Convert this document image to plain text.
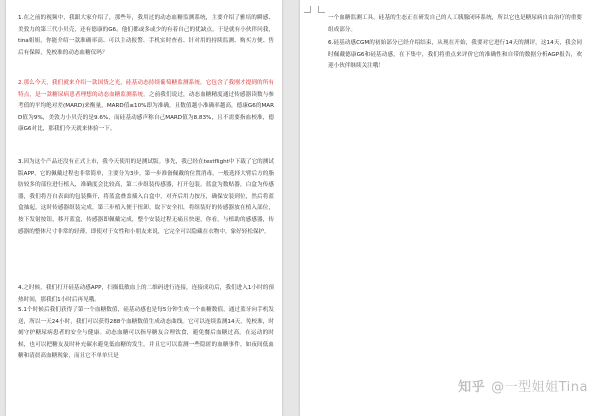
1.在之前的视频中，我跟大家介绍了，那些年，我用过的动态血糖监测系统，主要介绍了雅培的瞬感、美敦力的第三代小贝壳，还有德康的G6，他们都或多或少的有着自己的优缺点。于是就有小伙伴问我，tina姐姐，你能介绍一款准确率高、可以主动报警、手机实时查看、针对用的持续监测、购买方便、售后有保障，免校准的动态血糖仪吗？
2.那么今天，我们就来介绍一款国货之光，硅基动态持续葡萄糖监测系统，它包含了我刚才提到的所有特点，是一款糖尿病患者理想的动态血糖监测系统。之前我们说过，动态血糖精度通过传感器读数与参考值的平均绝对差(MARD)来衡量，MARD值≤10%即为准确，且数值越小准确率越高，德康G6的MARD值为9%，美敦力小贝壳的是9.6%，而硅基动感声称自己MARD值为8.83%，且不需要指血校准，德康G6对比，那我们今天就来体验一下。
3.因为这个产品还没有正式上市，我今天使用的是测试版。事先，我已经在testflight中下载了它的测试版APP，它的佩戴过程也非常简单，主要分为3步，第一步准备佩戴的位置消毒，一般选择大臂后方的脂肪较多的部位进行植入，准确度会比较高，第二步组装传感器，打开包装，蓝盒为数贴器，白盒为传感器，我们将吾自表面的包装撕开，将蓝盒叠盖插入白盒中，对齐后用力按压，确保安装到位，然后将蓝盒抽起，这时传感器组装完成，第三步植入便于扭卸。取下安全扣，将组装好的传感器放在植入部位，按下发射按钮，移开蓝盒，传感器即佩戴完成，整个安装过程无痛且快速，你看，与植助的感感器，传感器的整体尺寸非常的轻薄，即使对于女性和小朋友来说，它完全可以隐藏在衣物中，象好轻松保护。
4.之时候，我们打开硅基动感APP，扫描低敏血上的二维码进行连接，连接成功后，我们进入1小时的预热时间，那我们1小时后再见哦。
5.1个时候后我们获得了第一个血糖数值，硅基动感也是每5分钟生成一个血糖数值，通过蓝牙向手机发送，所以一天24小时，我们可以获得288个血糖数值生成动态曲线。它可以连续监测14天，免校准，时刻守护糖尿病患者的安全与健康。动态血糖可以指导糖友合理饮食，避免餐后血糖过高。在运动的时候，也可以把糖友及时补充碳水避免低血糖的发生。并且它可以监测一些隐匿的血糖事件，如夜间低血糖和清晨高血糖现象，而且它不单单只是
一个血糖监测工具，硅基的生态正在研发自己的人工胰腺闭环系统，所以它也是糖尿病自由治疗的重要组成部分。
6.硅基动感CGM的初始部分已经介绍结束，从现在开始，我要对它进行14天的测评，这14天，我会同时佩戴德康G6和硅基动感，在下集中，我们将重点来评价它的准确性和自带的数据分析AGP报告，欢迎小伙伴继续关注哦！
知乎 @一型姐姐Tina
